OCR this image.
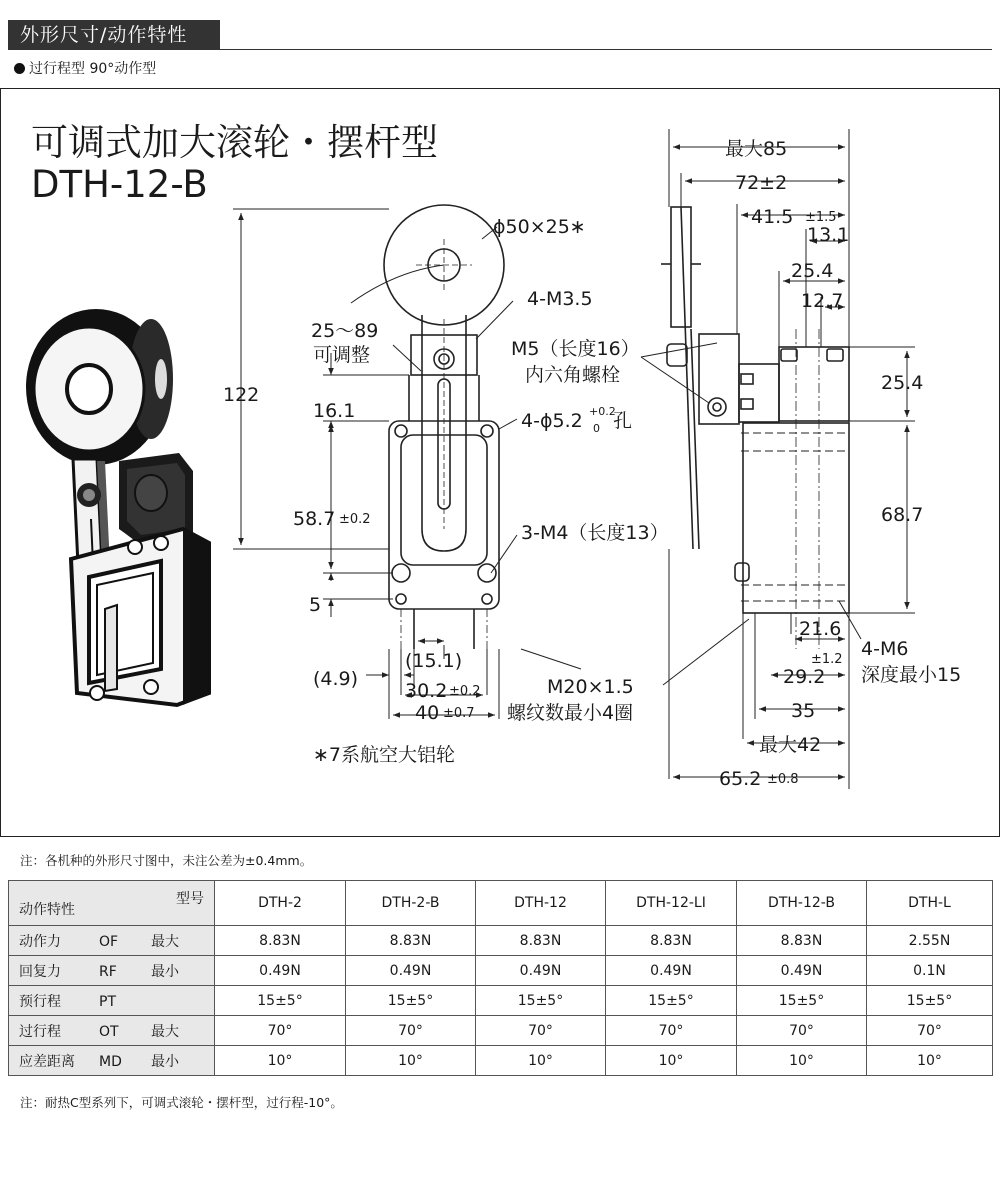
外形尺寸/动作特性
过行程型 90°动作型
可调式加大滚轮・摆杆型
DTH-12-B
ϕ50×25∗
25～89
可调整
4-M3.5
M5（长度16）
内六角螺栓
4-ϕ5.2 +0.2
0 孔
3-M4（长度13）
122
16.1
58.7 ±0.2
5
(4.9)
(15.1)
30.2 ±0.2
40 ±0.7
M20×1.5
螺纹数最小4圈
∗7系航空大铝轮
最大85
72±2
41.5 ±1.5
13.1
25.4
12.7
25.4
68.7
21.6
±1.2
29.2
4-M6
深度最小15
35
最大42
65.2 ±0.8
注：各机种的外形尺寸图中，未注公差为±0.4mm。
型号
动作特性	DTH-2	DTH-2-B	DTH-12	DTH-12-LI	DTH-12-B	DTH-L
动作力 OF 最大	8.83N	8.83N	8.83N	8.83N	8.83N	2.55N
回复力 RF 最小	0.49N	0.49N	0.49N	0.49N	0.49N	0.1N
预行程 PT	15±5°	15±5°	15±5°	15±5°	15±5°	15±5°
过行程 OT 最大	70°	70°	70°	70°	70°	70°
应差距离 MD 最小	10°	10°	10°	10°	10°	10°
注：耐热C型系列下，可调式滚轮・摆杆型，过行程-10°。
